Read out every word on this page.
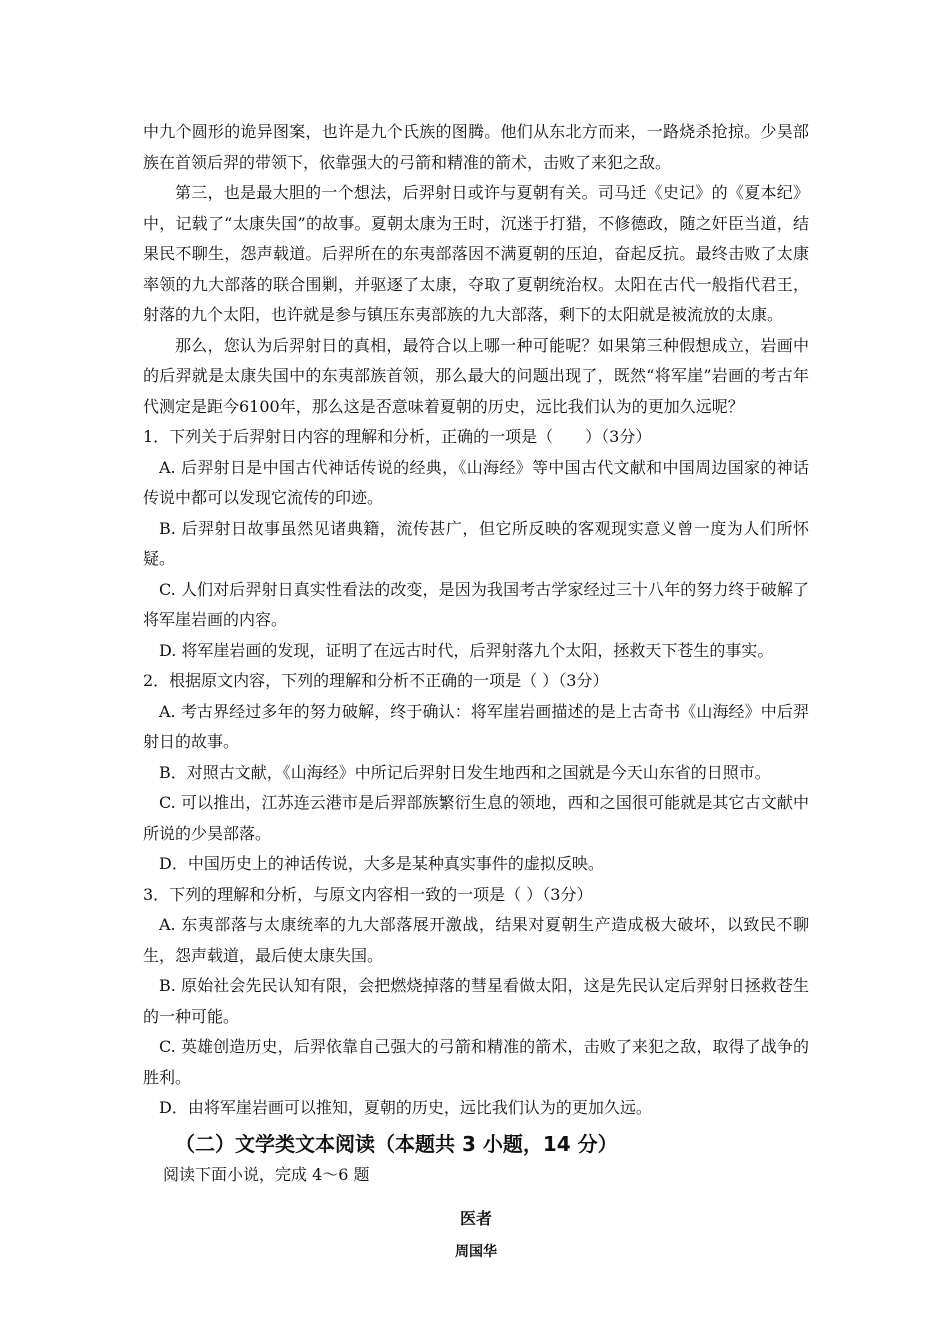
中九个圆形的诡异图案，也许是九个氏族的图腾。他们从东北方而来，一路烧杀抢掠。少昊部族在首领后羿的带领下，依靠强大的弓箭和精准的箭术，击败了来犯之敌。

第三，也是最大胆的一个想法，后羿射日或许与夏朝有关。司马迁《史记》的《夏本纪》中，记载了“太康失国”的故事。夏朝太康为王时，沉迷于打猎，不修德政，随之奸臣当道，结果民不聊生，怨声载道。后羿所在的东夷部落因不满夏朝的压迫，奋起反抗。最终击败了太康率领的九大部落的联合围剿，并驱逐了太康，夺取了夏朝统治权。太阳在古代一般指代君王，射落的九个太阳，也许就是参与镇压东夷部族的九大部落，剩下的太阳就是被流放的太康。

那么，您认为后羿射日的真相，最符合以上哪一种可能呢？如果第三种假想成立，岩画中的后羿就是太康失国中的东夷部族首领，那么最大的问题出现了，既然“将军崖”岩画的考古年代测定是距今6100年，那么这是否意味着夏朝的历史，远比我们认为的更加久远呢？

1．下列关于后羿射日内容的理解和分析，正确的一项是（　　）（3分）

A. 后羿射日是中国古代神话传说的经典，《山海经》等中国古代文献和中国周边国家的神话传说中都可以发现它流传的印迹。

B. 后羿射日故事虽然见诸典籍，流传甚广，但它所反映的客观现实意义曾一度为人们所怀疑。

C. 人们对后羿射日真实性看法的改变，是因为我国考古学家经过三十八年的努力终于破解了将军崖岩画的内容。

D. 将军崖岩画的发现，证明了在远古时代，后羿射落九个太阳，拯救天下苍生的事实。

2．根据原文内容，下列的理解和分析不正确的一项是（ ）（3分）

A. 考古界经过多年的努力破解，终于确认：将军崖岩画描述的是上古奇书《山海经》中后羿射日的故事。

B．对照古文献，《山海经》中所记后羿射日发生地西和之国就是今天山东省的日照市。

C. 可以推出，江苏连云港市是后羿部族繁衍生息的领地，西和之国很可能就是其它古文献中所说的少昊部落。

D．中国历史上的神话传说，大多是某种真实事件的虚拟反映。

3．下列的理解和分析，与原文内容相一致的一项是（ ）（3分）

A. 东夷部落与太康统率的九大部落展开激战，结果对夏朝生产造成极大破坏，以致民不聊生，怨声载道，最后使太康失国。

B. 原始社会先民认知有限，会把燃烧掉落的彗星看做太阳，这是先民认定后羿射日拯救苍生的一种可能。

C. 英雄创造历史，后羿依靠自己强大的弓箭和精准的箭术，击败了来犯之敌，取得了战争的胜利。

D．由将军崖岩画可以推知，夏朝的历史，远比我们认为的更加久远。

（二）文学类文本阅读（本题共 3 小题，14 分）

阅读下面小说，完成 4～6 题

医者

周国华
